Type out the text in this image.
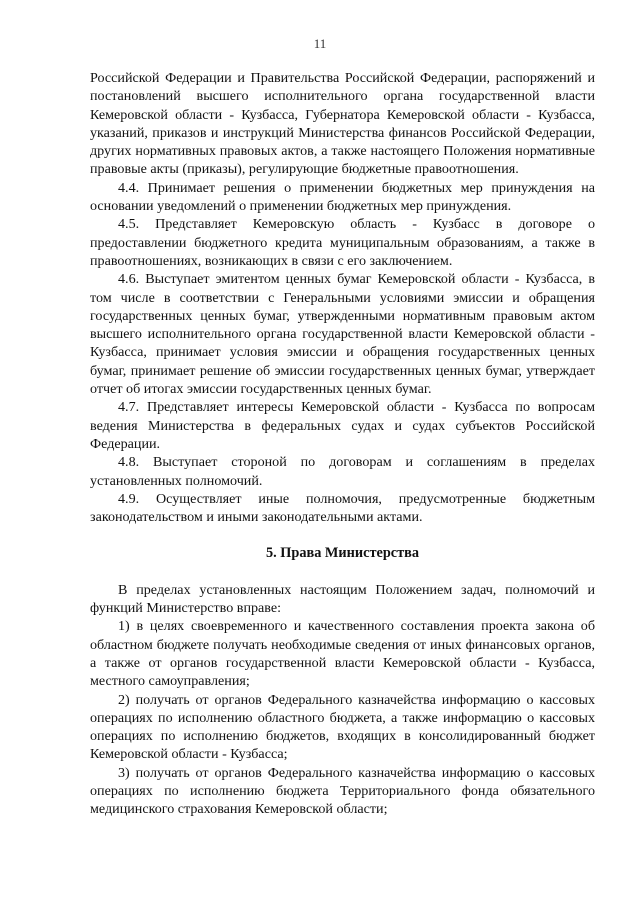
11

Российской Федерации и Правительства Российской Федерации, распоряжений и постановлений высшего исполнительного органа государственной власти Кемеровской области - Кузбасса, Губернатора Кемеровской области - Кузбасса, указаний, приказов и инструкций Министерства финансов Российской Федерации, других нормативных правовых актов, а также настоящего Положения нормативные правовые акты (приказы), регулирующие бюджетные правоотношения.

4.4. Принимает решения о применении бюджетных мер принуждения на основании уведомлений о применении бюджетных мер принуждения.

4.5. Представляет Кемеровскую область - Кузбасс в договоре о предоставлении бюджетного кредита муниципальным образованиям, а также в правоотношениях, возникающих в связи с его заключением.

4.6. Выступает эмитентом ценных бумаг Кемеровской области - Кузбасса, в том числе в соответствии с Генеральными условиями эмиссии и обращения государственных ценных бумаг, утвержденными нормативным правовым актом высшего исполнительного органа государственной власти Кемеровской области - Кузбасса, принимает условия эмиссии и обращения государственных ценных бумаг, принимает решение об эмиссии государственных ценных бумаг, утверждает отчет об итогах эмиссии государственных ценных бумаг.

4.7. Представляет интересы Кемеровской области - Кузбасса по вопросам ведения Министерства в федеральных судах и судах субъектов Российской Федерации.

4.8. Выступает стороной по договорам и соглашениям в пределах установленных полномочий.

4.9. Осуществляет иные полномочия, предусмотренные бюджетным законодательством и иными законодательными актами.

5. Права Министерства

В пределах установленных настоящим Положением задач, полномочий и функций Министерство вправе:

1) в целях своевременного и качественного составления проекта закона об областном бюджете получать необходимые сведения от иных финансовых органов, а также от органов государственной власти Кемеровской области - Кузбасса, местного самоуправления;

2) получать от органов Федерального казначейства информацию о кассовых операциях по исполнению областного бюджета, а также информацию о кассовых операциях по исполнению бюджетов, входящих в консолидированный бюджет Кемеровской области - Кузбасса;

3) получать от органов Федерального казначейства информацию о кассовых операциях по исполнению бюджета Территориального фонда обязательного медицинского страхования Кемеровской области;
